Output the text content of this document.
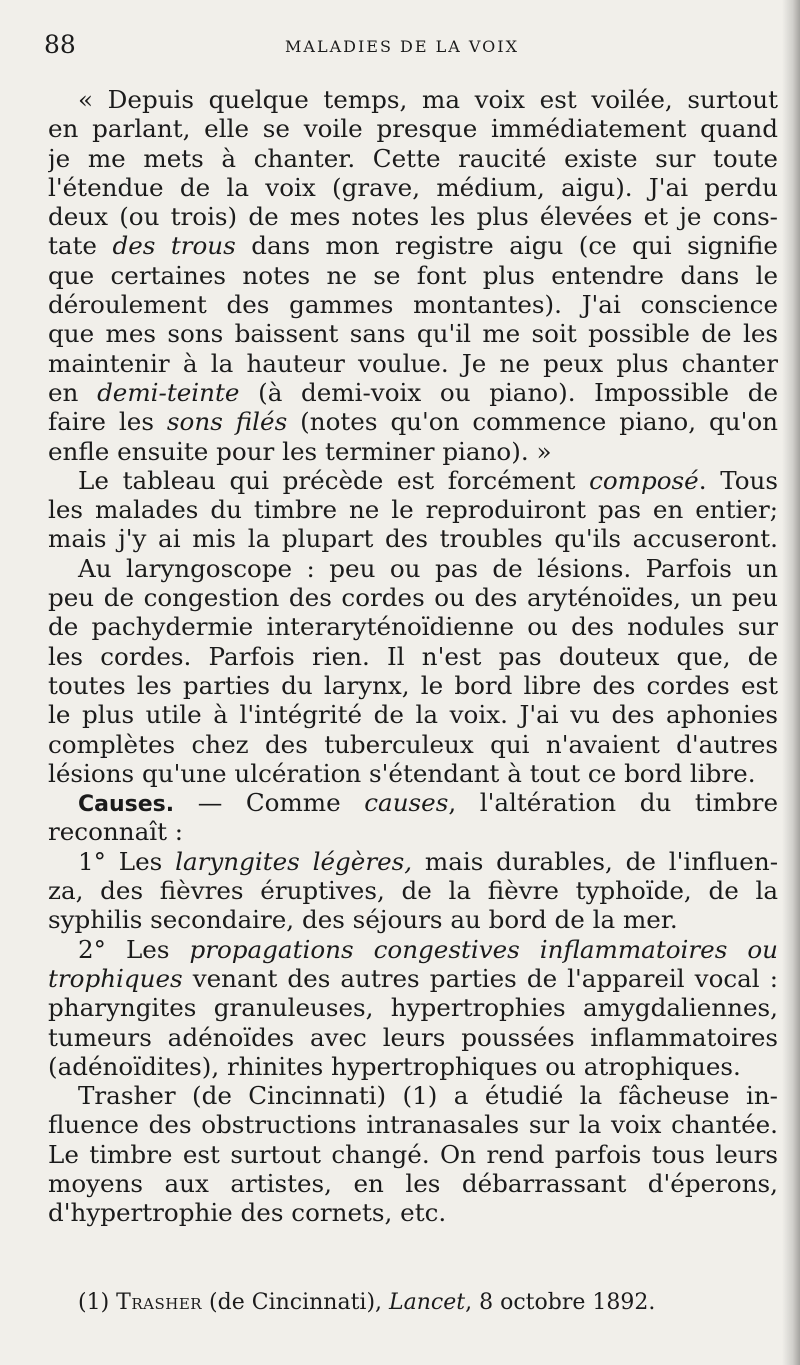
88	MALADIES DE LA VOIX
« Depuis quelque temps, ma voix est voilée, surtout
en parlant, elle se voile presque immédiatement quand
je me mets à chanter. Cette raucité existe sur toute
l'étendue de la voix (grave, médium, aigu). J'ai perdu
deux (ou trois) de mes notes les plus élevées et je cons-
tate des trous dans mon registre aigu (ce qui signifie
que certaines notes ne se font plus entendre dans le
déroulement des gammes montantes). J'ai conscience
que mes sons baissent sans qu'il me soit possible de les
maintenir à la hauteur voulue. Je ne peux plus chanter
en demi-teinte (à demi-voix ou piano). Impossible de
faire les sons filés (notes qu'on commence piano, qu'on
enfle ensuite pour les terminer piano). »
Le tableau qui précède est forcément composé. Tous
les malades du timbre ne le reproduiront pas en entier;
mais j'y ai mis la plupart des troubles qu'ils accuseront.
Au laryngoscope : peu ou pas de lésions. Parfois un
peu de congestion des cordes ou des aryténoïdes, un peu
de pachydermie interaryténoïdienne ou des nodules sur
les cordes. Parfois rien. Il n'est pas douteux que, de
toutes les parties du larynx, le bord libre des cordes est
le plus utile à l'intégrité de la voix. J'ai vu des aphonies
complètes chez des tuberculeux qui n'avaient d'autres
lésions qu'une ulcération s'étendant à tout ce bord libre.
Causes. — Comme causes, l'altération du timbre
reconnaît :
1° Les laryngites légères, mais durables, de l'influen-
za, des fièvres éruptives, de la fièvre typhoïde, de la
syphilis secondaire, des séjours au bord de la mer.
2° Les propagations congestives inflammatoires ou
trophiques venant des autres parties de l'appareil vocal :
pharyngites granuleuses, hypertrophies amygdaliennes,
tumeurs adénoïdes avec leurs poussées inflammatoires
(adénoïdites), rhinites hypertrophiques ou atrophiques.
Trasher (de Cincinnati) (1) a étudié la fâcheuse in-
fluence des obstructions intranasales sur la voix chantée.
Le timbre est surtout changé. On rend parfois tous leurs
moyens aux artistes, en les débarrassant d'éperons,
d'hypertrophie des cornets, etc.
(1) Trasher (de Cincinnati), Lancet, 8 octobre 1892.
